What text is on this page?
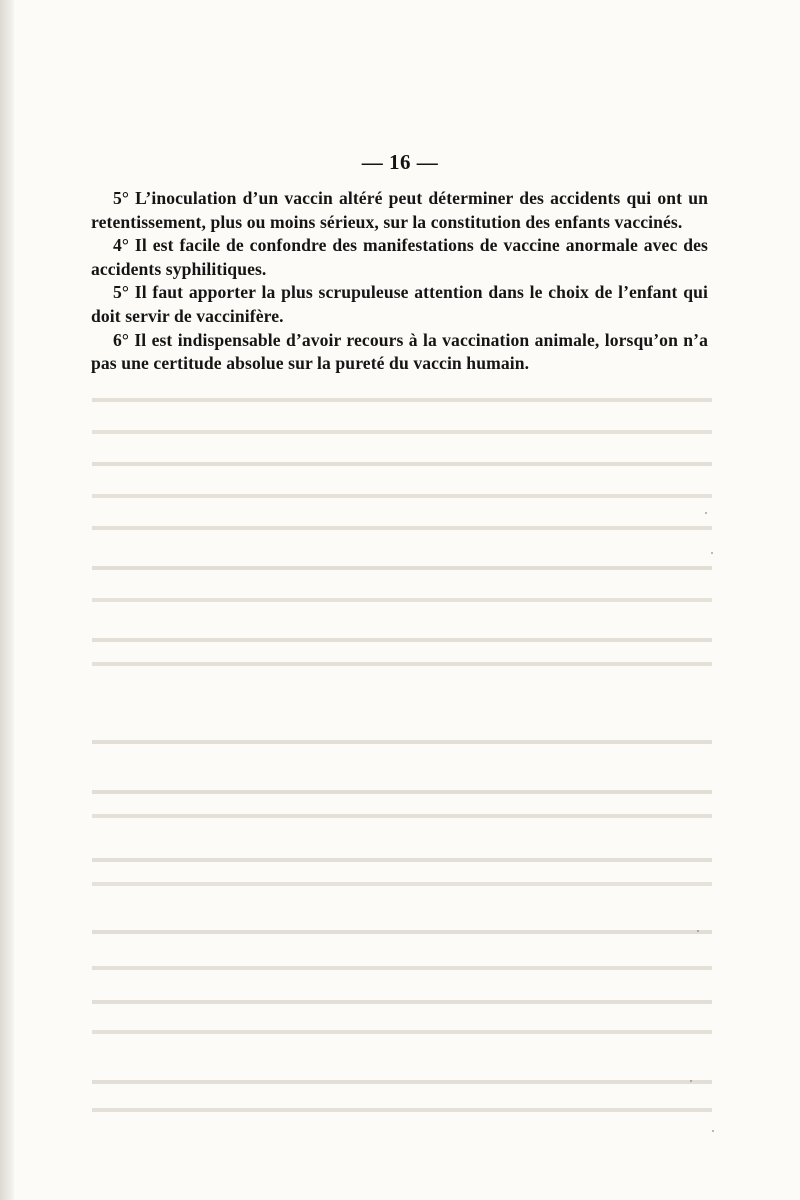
— 16 —

5° L’inoculation d’un vaccin altéré peut déterminer des accidents qui ont un retentissement, plus ou moins sérieux, sur la constitution des enfants vaccinés.

4° Il est facile de confondre des manifestations de vaccine anormale avec des accidents syphilitiques.

5° Il faut apporter la plus scrupuleuse attention dans le choix de l’enfant qui doit servir de vaccinifère.

6° Il est indispensable d’avoir recours à la vaccination animale, lorsqu’on n’a pas une certitude absolue sur la pureté du vaccin humain.
